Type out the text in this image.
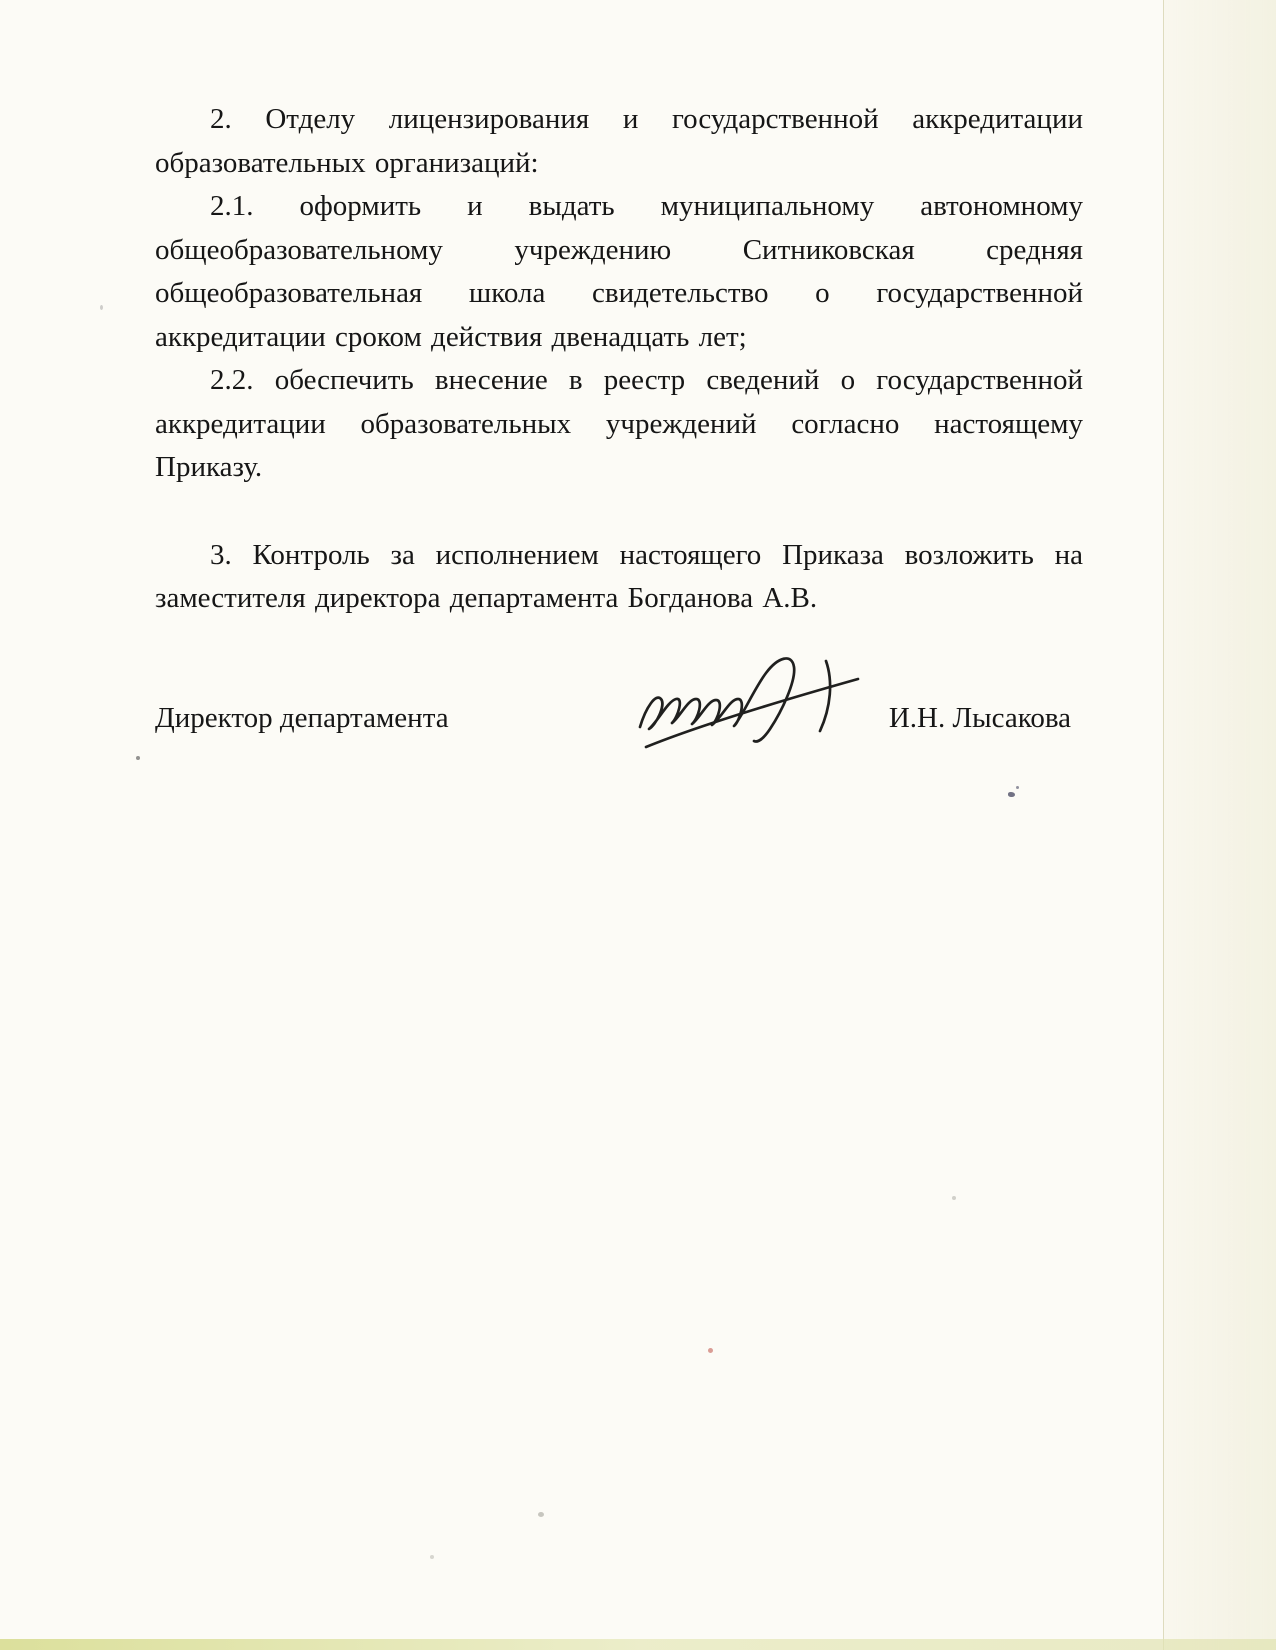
2. Отделу лицензирования и государственной аккредитации образовательных организаций:

2.1. оформить и выдать муниципальному автономному общеобразовательному учреждению Ситниковская средняя общеобразовательная школа свидетельство о государственной аккредитации сроком действия двенадцать лет;

2.2. обеспечить внесение в реестр сведений о государственной аккредитации образовательных учреждений согласно настоящему Приказу.

3. Контроль за исполнением настоящего Приказа возложить на заместителя директора департамента Богданова А.В.

Директор департамента	И.Н. Лысакова
